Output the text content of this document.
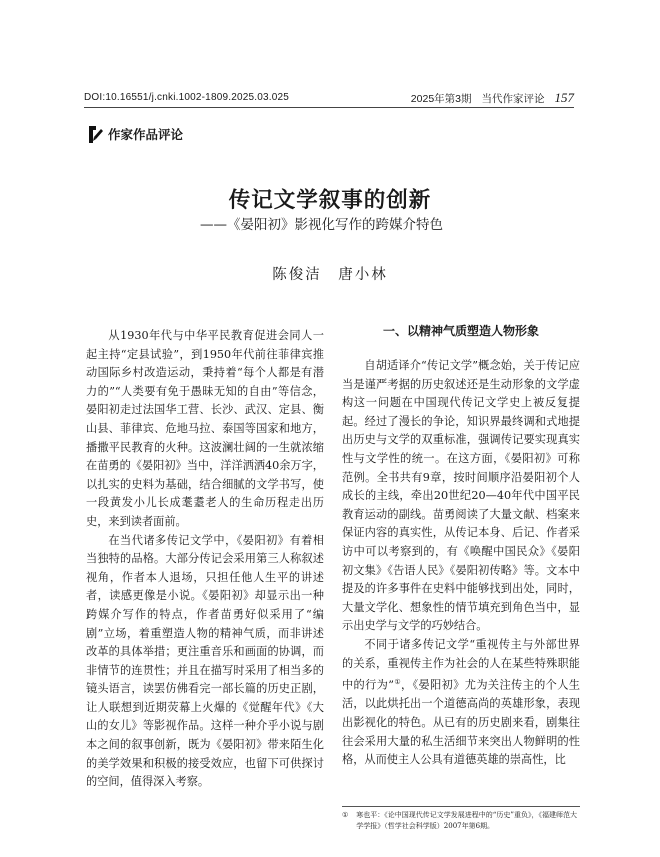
DOI:10.16551/j.cnki.1002-1809.2025.03.025	2025年第3期 当代作家评论 157
作家作品评论
传记文学叙事的创新
——《晏阳初》影视化写作的跨媒介特色
陈俊洁　唐小林

从1930年代与中华平民教育促进会同人一起主持“定县试验”，到1950年代前往菲律宾推动国际乡村改造运动，秉持着“每个人都是有潜力的”“人类要有免于愚昧无知的自由”等信念，晏阳初走过法国华工营、长沙、武汉、定县、衡山县、菲律宾、危地马拉、泰国等国家和地方，播撒平民教育的火种。这波澜壮阔的一生就浓缩在苗勇的《晏阳初》当中，洋洋洒洒40余万字，以扎实的史料为基础，结合细腻的文学书写，使一段黄发小儿长成耄耋老人的生命历程走出历史，来到读者面前。

在当代诸多传记文学中，《晏阳初》有着相当独特的品格。大部分传记会采用第三人称叙述视角，作者本人退场，只担任他人生平的讲述者，读感更像是小说。《晏阳初》却显示出一种跨媒介写作的特点，作者苗勇好似采用了“编剧”立场，着重塑造人物的精神气质，而非讲述改革的具体举措；更注重音乐和画面的协调，而非情节的连贯性；并且在描写时采用了相当多的镜头语言，读罢仿佛看完一部长篇的历史正剧，让人联想到近期荧幕上火爆的《觉醒年代》《大山的女儿》等影视作品。这样一种介乎小说与剧本之间的叙事创新，既为《晏阳初》带来陌生化的美学效果和积极的接受效应，也留下可供探讨的空间，值得深入考察。

一、以精神气质塑造人物形象

自胡适译介“传记文学”概念始，关于传记应当是谨严考据的历史叙述还是生动形象的文学虚构这一问题在中国现代传记文学史上被反复提起。经过了漫长的争论，知识界最终调和式地提出历史与文学的双重标准，强调传记要实现真实性与文学性的统一。在这方面，《晏阳初》可称范例。全书共有9章，按时间顺序沿晏阳初个人成长的主线，牵出20世纪20—40年代中国平民教育运动的副线。苗勇阅读了大量文献、档案来保证内容的真实性，从传记本身、后记、作者采访中可以考察到的，有《唤醒中国民众》《晏阳初文集》《告语人民》《晏阳初传略》等。文本中提及的许多事件在史料中能够找到出处，同时，大量文学化、想象性的情节填充到角色当中，显示出史学与文学的巧妙结合。

不同于诸多传记文学“重视传主与外部世界的关系，重视传主作为社会的人在某些特殊职能中的行为”①，《晏阳初》尤为关注传主的个人生活，以此烘托出一个道德高尚的英雄形象，表现出影视化的特色。从已有的历史剧来看，剧集往往会采用大量的私生活细节来突出人物鲜明的性格，从而使主人公具有道德英雄的崇高性，比

① 寒也平：《论中国现代传记文学发展进程中的“历史”重负》，《福建师范大学学报》（哲学社会科学版）2007年第6期。
